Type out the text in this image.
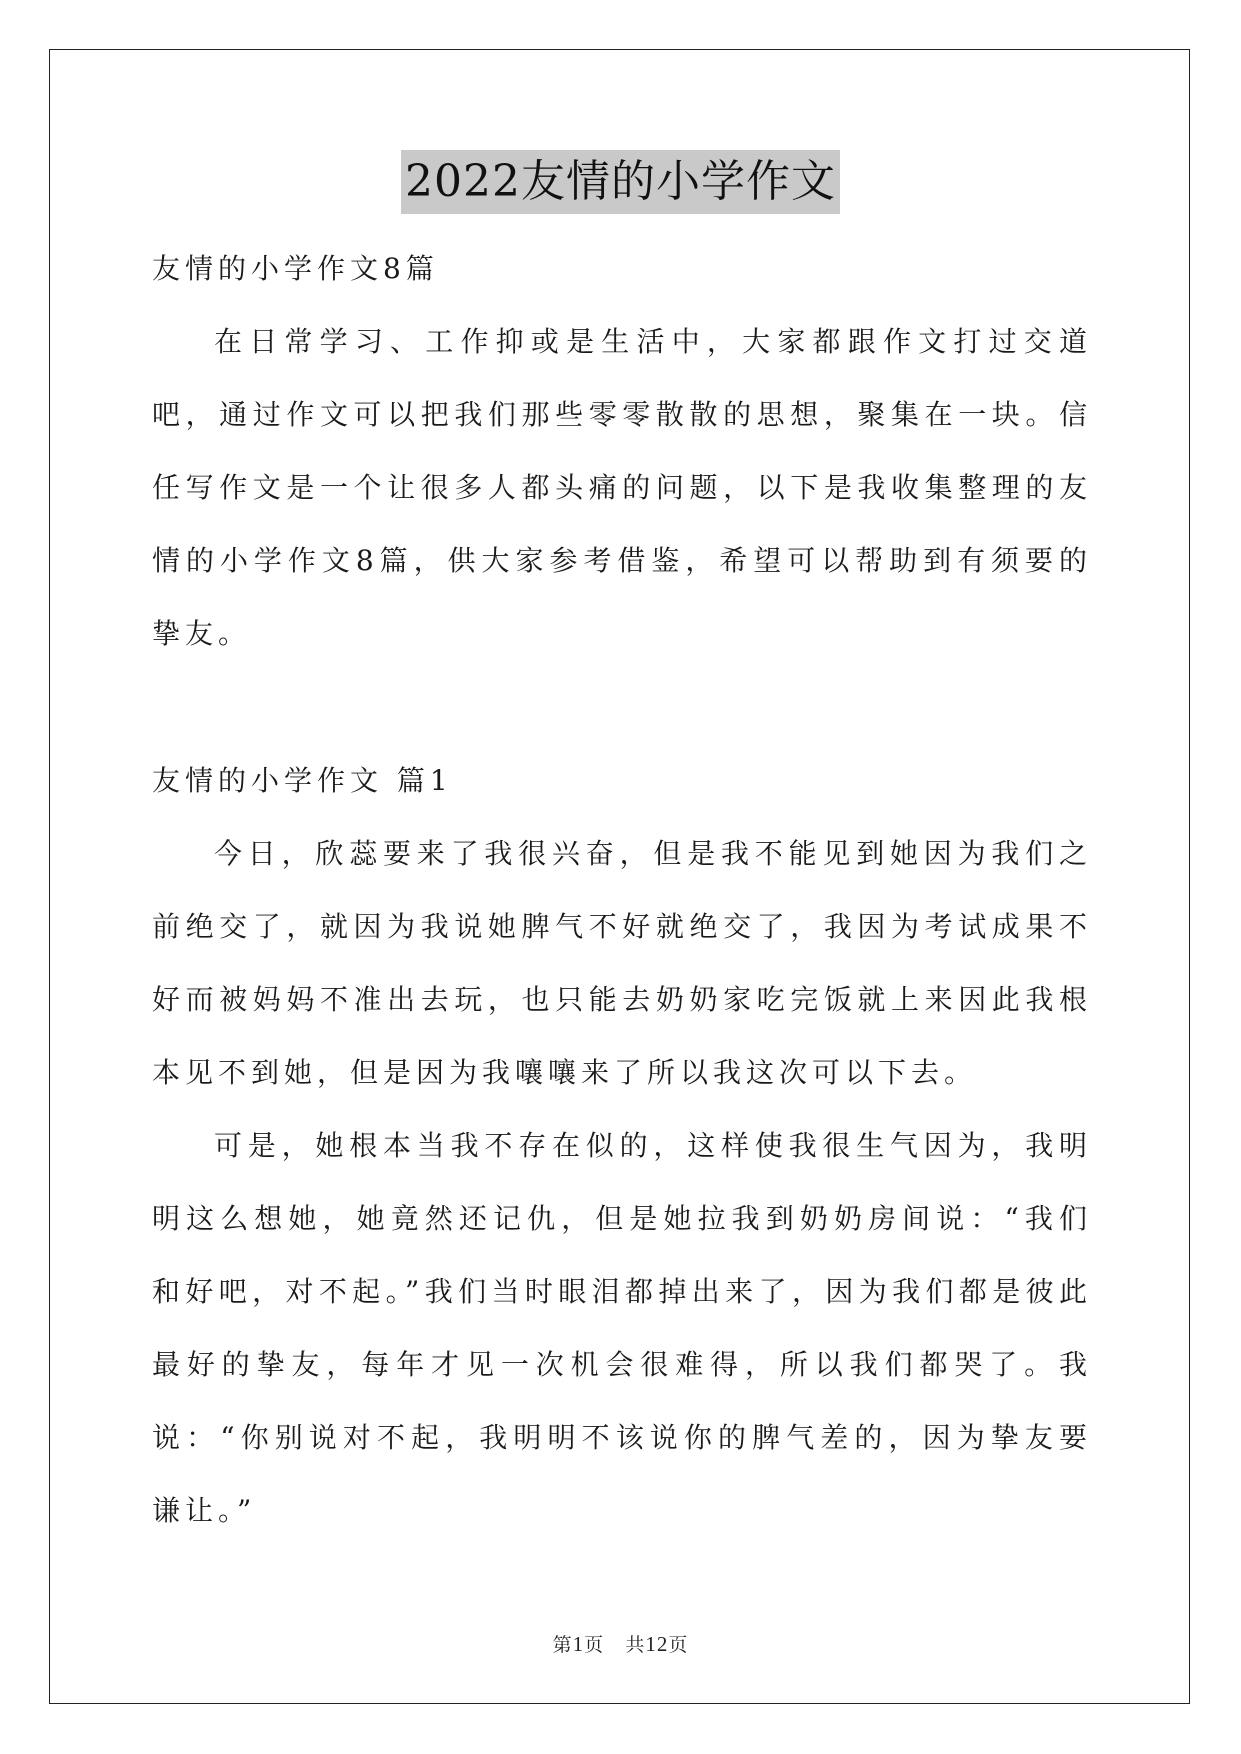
2022友情的小学作文

友情的小学作文8篇

在日常学习、工作抑或是生活中，大家都跟作文打过交道吧，通过作文可以把我们那些零零散散的思想，聚集在一块。信任写作文是一个让很多人都头痛的问题，以下是我收集整理的友情的小学作文8篇，供大家参考借鉴，希望可以帮助到有须要的挚友。

友情的小学作文 篇1

今日，欣蕊要来了我很兴奋，但是我不能见到她因为我们之前绝交了，就因为我说她脾气不好就绝交了，我因为考试成果不好而被妈妈不准出去玩，也只能去奶奶家吃完饭就上来因此我根本见不到她，但是因为我嚷嚷来了所以我这次可以下去。

可是，她根本当我不存在似的，这样使我很生气因为，我明明这么想她，她竟然还记仇，但是她拉我到奶奶房间说：“我们和好吧，对不起。”我们当时眼泪都掉出来了，因为我们都是彼此最好的挚友，每年才见一次机会很难得，所以我们都哭了。我说：“你别说对不起，我明明不该说你的脾气差的，因为挚友要谦让。”

第1页 共12页
